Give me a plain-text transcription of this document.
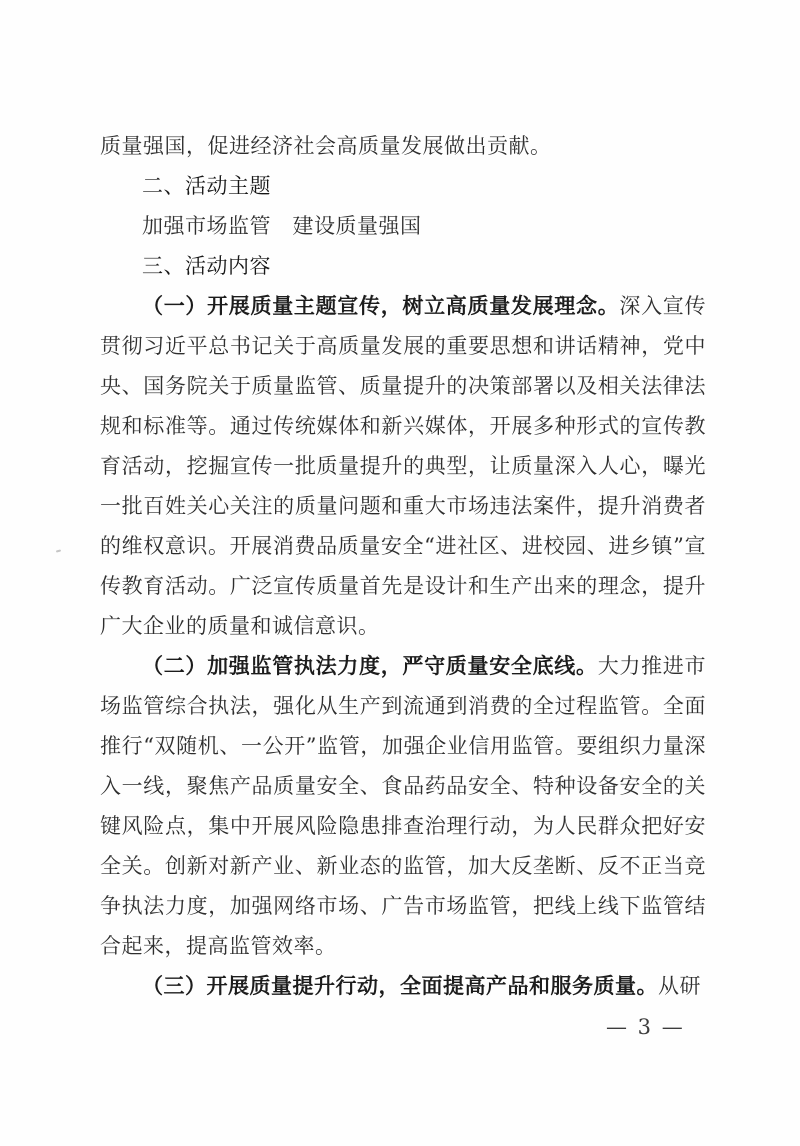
质量强国，促进经济社会高质量发展做出贡献。

二、活动主题

加强市场监管　建设质量强国

三、活动内容

（一）开展质量主题宣传，树立高质量发展理念。深入宣传贯彻习近平总书记关于高质量发展的重要思想和讲话精神，党中央、国务院关于质量监管、质量提升的决策部署以及相关法律法规和标准等。通过传统媒体和新兴媒体，开展多种形式的宣传教育活动，挖掘宣传一批质量提升的典型，让质量深入人心，曝光一批百姓关心关注的质量问题和重大市场违法案件，提升消费者的维权意识。开展消费品质量安全“进社区、进校园、进乡镇”宣传教育活动。广泛宣传质量首先是设计和生产出来的理念，提升广大企业的质量和诚信意识。

（二）加强监管执法力度，严守质量安全底线。大力推进市场监管综合执法，强化从生产到流通到消费的全过程监管。全面推行“双随机、一公开”监管，加强企业信用监管。要组织力量深入一线，聚焦产品质量安全、食品药品安全、特种设备安全的关键风险点，集中开展风险隐患排查治理行动，为人民群众把好安全关。创新对新产业、新业态的监管，加大反垄断、反不正当竞争执法力度，加强网络市场、广告市场监管，把线上线下监管结合起来，提高监管效率。

（三）开展质量提升行动，全面提高产品和服务质量。从研

— 3 —
